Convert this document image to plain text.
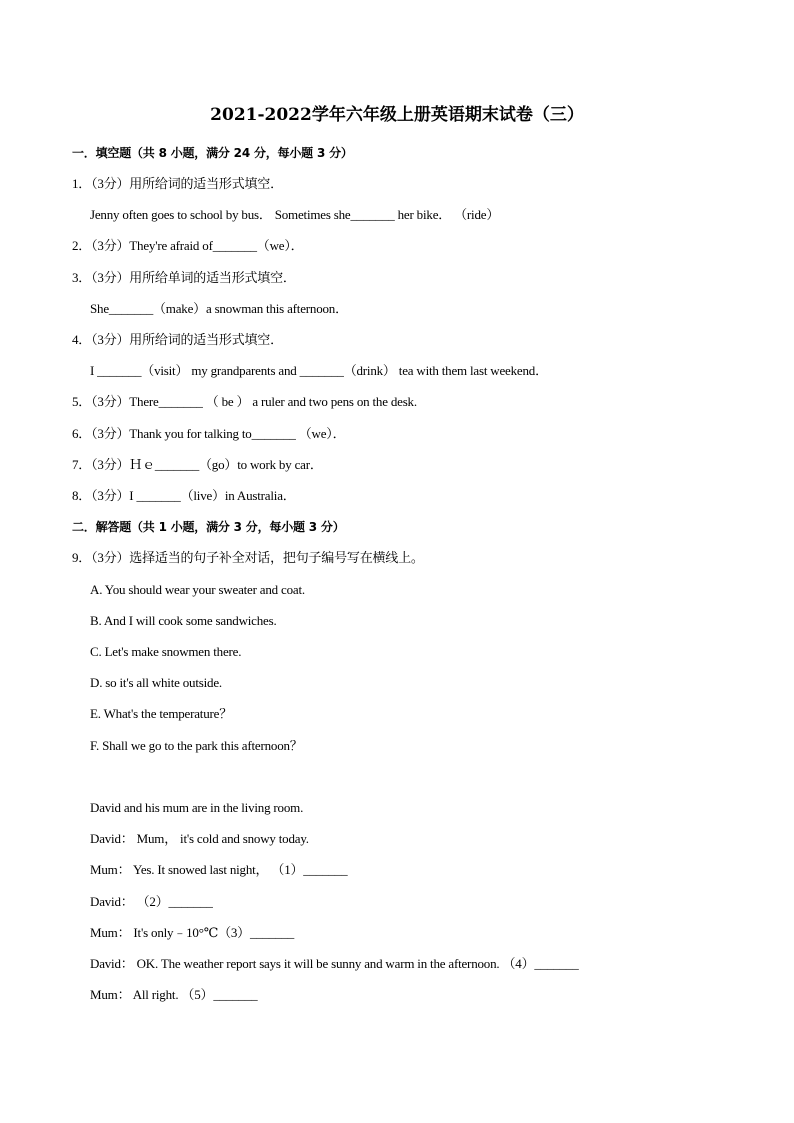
2021-2022学年六年级上册英语期末试卷（三）
一．填空题（共 8 小题，满分 24 分，每小题 3 分）
1．（3分）用所给词的适当形式填空．
Jenny often goes to school by bus． Sometimes she_______ her bike． （ride）
2．（3分）They're afraid of_______（we）．
3．（3分）用所给单词的适当形式填空．
She_______（make）a snowman this afternoon．
4．（3分）用所给词的适当形式填空．
I _______（visit） my grandparents and _______（drink） tea with them last weekend．
5．（3分）There_______ （ be ） a ruler and two pens on the desk.
6．（3分）Thank you for talking to_______ （we）．
7．（3分）Ｈｅ_______（go）to work by car．
8．（3分）I _______（live）in Australia．
二．解答题（共 1 小题，满分 3 分，每小题 3 分）
9．（3分）选择适当的句子补全对话，把句子编号写在横线上。
A. You should wear your sweater and coat.
B. And I will cook some sandwiches.
C. Let's make snowmen there.
D. so it's all white outside.
E. What's the temperature？
F. Shall we go to the park this afternoon？
David and his mum are in the living room.
David： Mum， it's cold and snowy today.
Mum： Yes. It snowed last night， （1）_______
David： （2）_______
Mum： It's only﹣10°℃（3）_______
David： OK. The weather report says it will be sunny and warm in the afternoon. （4）_______
Mum： All right. （5）_______
